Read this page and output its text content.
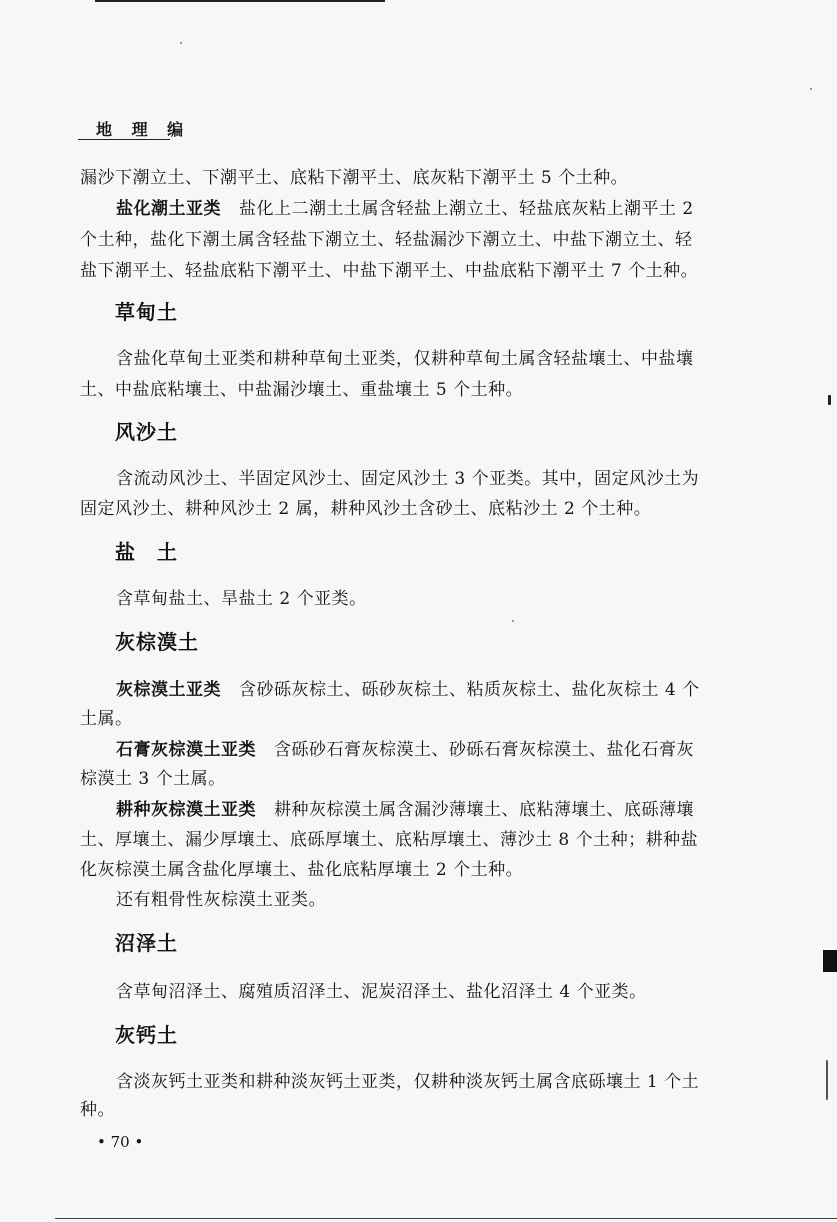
地 理 编
漏沙下潮立土、下潮平土、底粘下潮平土、底灰粘下潮平土 5 个土种。
盐化潮土亚类 盐化上二潮土土属含轻盐上潮立土、轻盐底灰粘上潮平土 2
个土种，盐化下潮土属含轻盐下潮立土、轻盐漏沙下潮立土、中盐下潮立土、轻
盐下潮平土、轻盐底粘下潮平土、中盐下潮平土、中盐底粘下潮平土 7 个土种。
草甸土
含盐化草甸土亚类和耕种草甸土亚类，仅耕种草甸土属含轻盐壤土、中盐壤
土、中盐底粘壤土、中盐漏沙壤土、重盐壤土 5 个土种。
风沙土
含流动风沙土、半固定风沙土、固定风沙土 3 个亚类。其中，固定风沙土为
固定风沙土、耕种风沙土 2 属，耕种风沙土含砂土、底粘沙土 2 个土种。
盐　土
含草甸盐土、旱盐土 2 个亚类。
灰棕漠土
灰棕漠土亚类 含砂砾灰棕土、砾砂灰棕土、粘质灰棕土、盐化灰棕土 4 个
土属。
石膏灰棕漠土亚类 含砾砂石膏灰棕漠土、砂砾石膏灰棕漠土、盐化石膏灰
棕漠土 3 个土属。
耕种灰棕漠土亚类 耕种灰棕漠土属含漏沙薄壤土、底粘薄壤土、底砾薄壤
土、厚壤土、漏少厚壤土、底砾厚壤土、底粘厚壤土、薄沙土 8 个土种；耕种盐
化灰棕漠土属含盐化厚壤土、盐化底粘厚壤土 2 个土种。
还有粗骨性灰棕漠土亚类。
沼泽土
含草甸沼泽土、腐殖质沼泽土、泥炭沼泽土、盐化沼泽土 4 个亚类。
灰钙土
含淡灰钙土亚类和耕种淡灰钙土亚类，仅耕种淡灰钙土属含底砾壤土 1 个土
种。
• 70 •
